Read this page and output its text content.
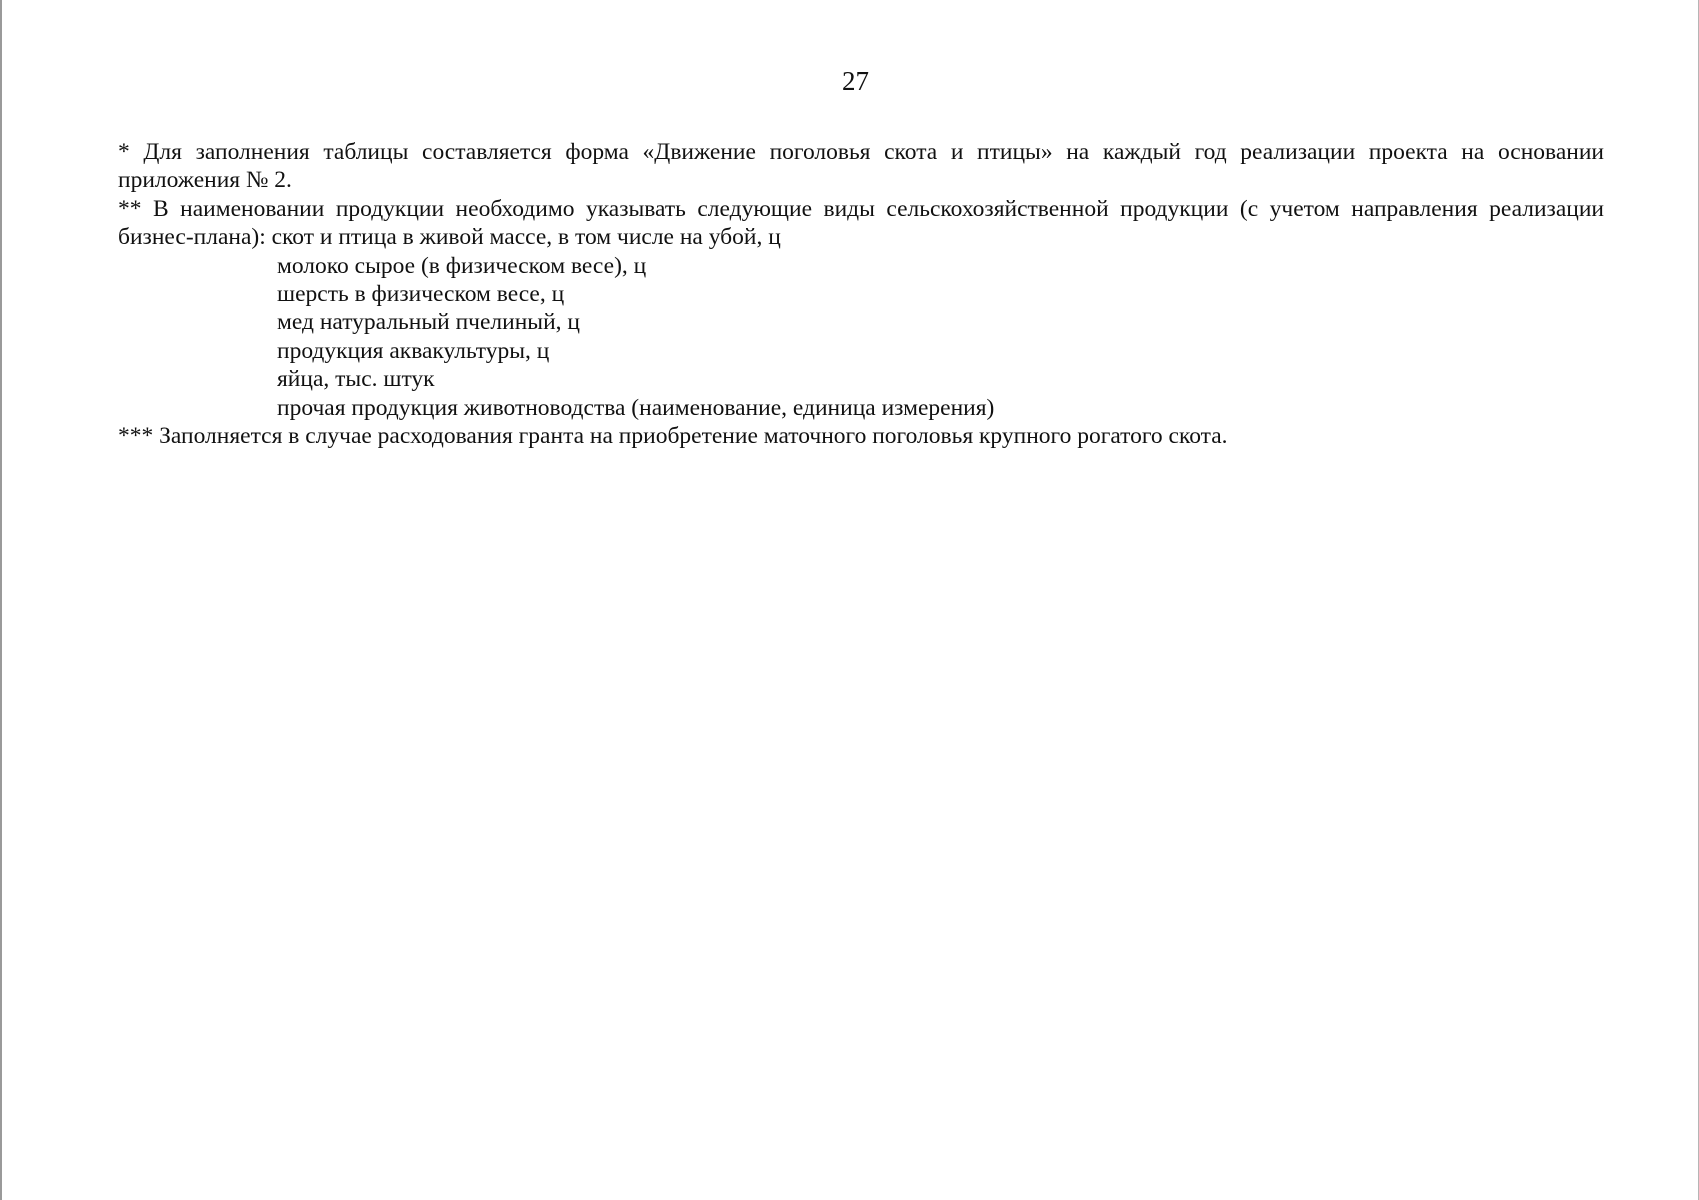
27
* Для заполнения таблицы составляется форма «Движение поголовья скота и птицы» на каждый год реализации проекта на основании
приложения № 2.
** В наименовании продукции необходимо указывать следующие виды сельскохозяйственной продукции (с учетом направления реализации
бизнес-плана): скот и птица в живой массе, в том числе на убой, ц
молоко сырое (в физическом весе), ц
шерсть в физическом весе, ц
мед натуральный пчелиный, ц
продукция аквакультуры, ц
яйца, тыс. штук
прочая продукция животноводства (наименование, единица измерения)
*** Заполняется в случае расходования гранта на приобретение маточного поголовья крупного рогатого скота.
